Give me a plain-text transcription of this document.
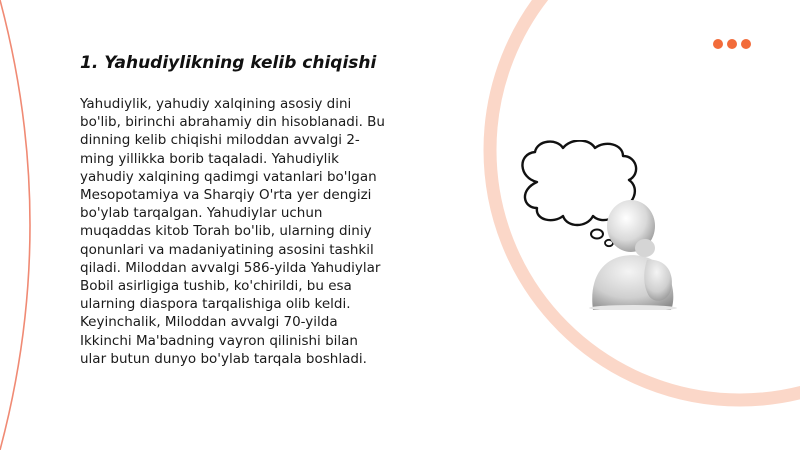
1. Yahudiylikning kelib chiqishi

Yahudiylik, yahudiy xalqining asosiy dini
bo'lib, birinchi abrahamiy din hisoblanadi. Bu
dinning kelib chiqishi miloddan avvalgi 2-
ming yillikka borib taqaladi. Yahudiylik
yahudiy xalqining qadimgi vatanlari bo'lgan
Mesopotamiya va Sharqiy O'rta yer dengizi
bo'ylab tarqalgan. Yahudiylar uchun
muqaddas kitob Torah bo'lib, ularning diniy
qonunlari va madaniyatining asosini tashkil
qiladi. Miloddan avvalgi 586-yilda Yahudiylar
Bobil asirligiga tushib, ko'chirildi, bu esa
ularning diaspora tarqalishiga olib keldi.
Keyinchalik, Miloddan avvalgi 70-yilda
Ikkinchi Ma'badning vayron qilinishi bilan
ular butun dunyo bo'ylab tarqala boshladi.
